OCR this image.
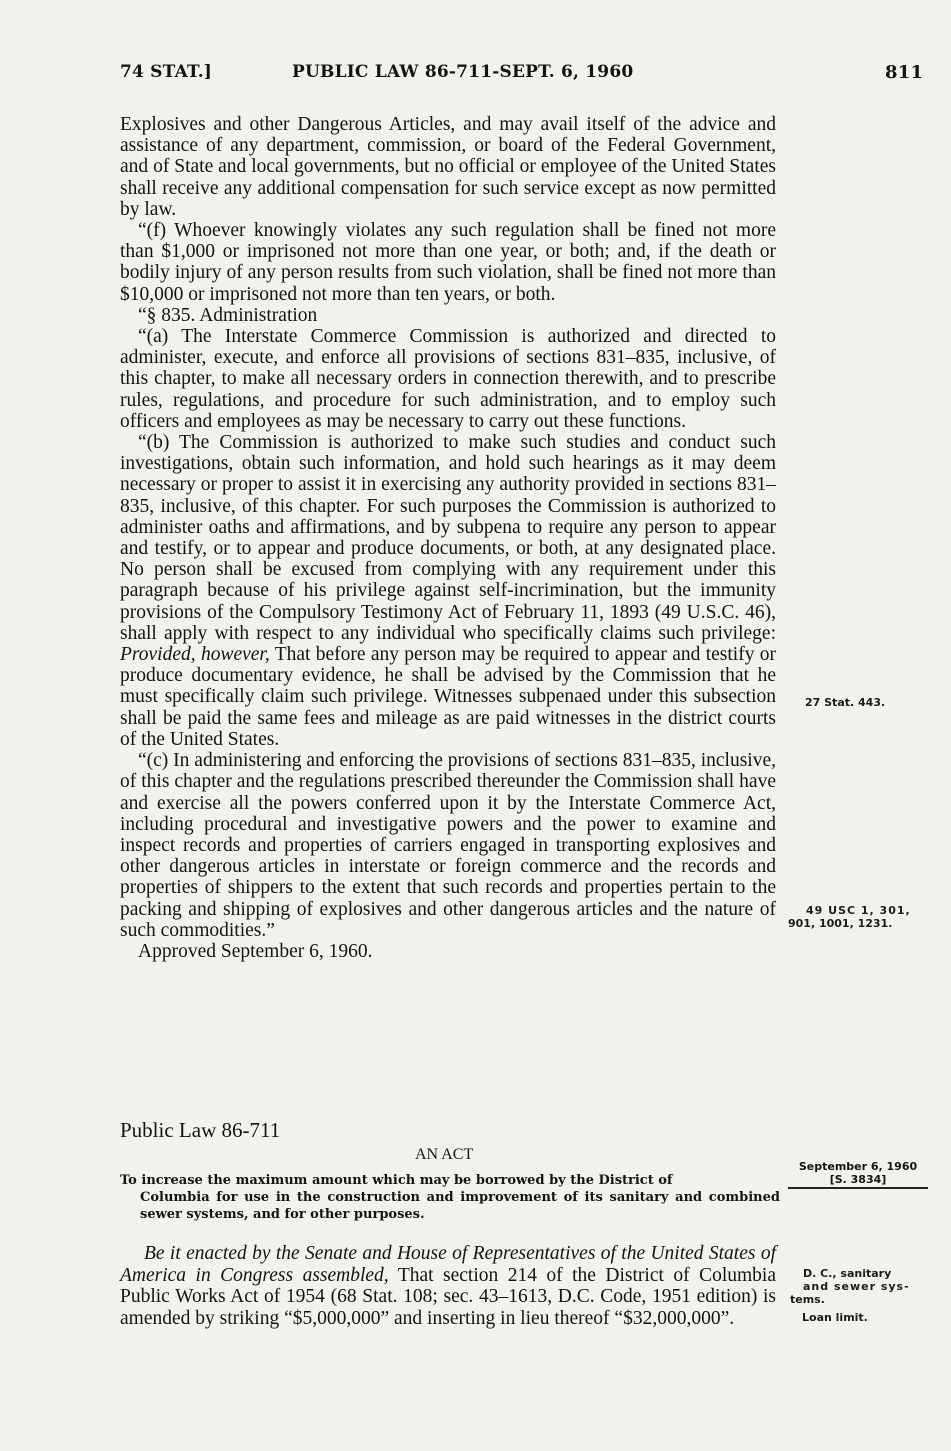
74 STAT.]	PUBLIC LAW 86-711-SEPT. 6, 1960	811

Explosives and other Dangerous Articles, and may avail itself of the advice and assistance of any department, commission, or board of the Federal Government, and of State and local governments, but no official or employee of the United States shall receive any additional compensation for such service except as now permitted by law.

“(f) Whoever knowingly violates any such regulation shall be fined not more than $1,000 or imprisoned not more than one year, or both; and, if the death or bodily injury of any person results from such violation, shall be fined not more than $10,000 or imprisoned not more than ten years, or both.

“§ 835. Administration

“(a) The Interstate Commerce Commission is authorized and directed to administer, execute, and enforce all provisions of sections 831–835, inclusive, of this chapter, to make all necessary orders in connection therewith, and to prescribe rules, regulations, and procedure for such administration, and to employ such officers and employees as may be necessary to carry out these functions.

“(b) The Commission is authorized to make such studies and conduct such investigations, obtain such information, and hold such hearings as it may deem necessary or proper to assist it in exercising any authority provided in sections 831–835, inclusive, of this chapter. For such purposes the Commission is authorized to administer oaths and affirmations, and by subpena to require any person to appear and testify, or to appear and produce documents, or both, at any designated place. No person shall be excused from complying with any requirement under this paragraph because of his privilege against self-incrimination, but the immunity provisions of the Compulsory Testimony Act of February 11, 1893 (49 U.S.C. 46), shall apply with respect to any individual who specifically claims such privilege: Provided, however, That before any person may be required to appear and testify or produce documentary evidence, he shall be advised by the Commission that he must specifically claim such privilege. Witnesses subpenaed under this subsection shall be paid the same fees and mileage as are paid witnesses in the district courts of the United States.

“(c) In administering and enforcing the provisions of sections 831–835, inclusive, of this chapter and the regulations prescribed thereunder the Commission shall have and exercise all the powers conferred upon it by the Interstate Commerce Act, including procedural and investigative powers and the power to examine and inspect records and properties of carriers engaged in transporting explosives and other dangerous articles in interstate or foreign commerce and the records and properties of shippers to the extent that such records and properties pertain to the packing and shipping of explosives and other dangerous articles and the nature of such commodities.”

Approved September 6, 1960.

Public Law 86-711
AN ACT
To increase the maximum amount which may be borrowed by the District of
Columbia for use in the construction and improvement of its sanitary and combined sewer systems, and for other purposes.
Be it enacted by the Senate and House of Representatives of the United States of America in Congress assembled, That section 214 of the District of Columbia Public Works Act of 1954 (68 Stat. 108; sec. 43–1613, D.C. Code, 1951 edition) is amended by striking “$5,000,000” and inserting in lieu thereof “$32,000,000”.
27 Stat. 443.
49 USC 1, 301,
901, 1001, 1231.
September 6, 1960
[S. 3834]
D. C., sanitary
and sewer sys-
tems.
Loan limit.
